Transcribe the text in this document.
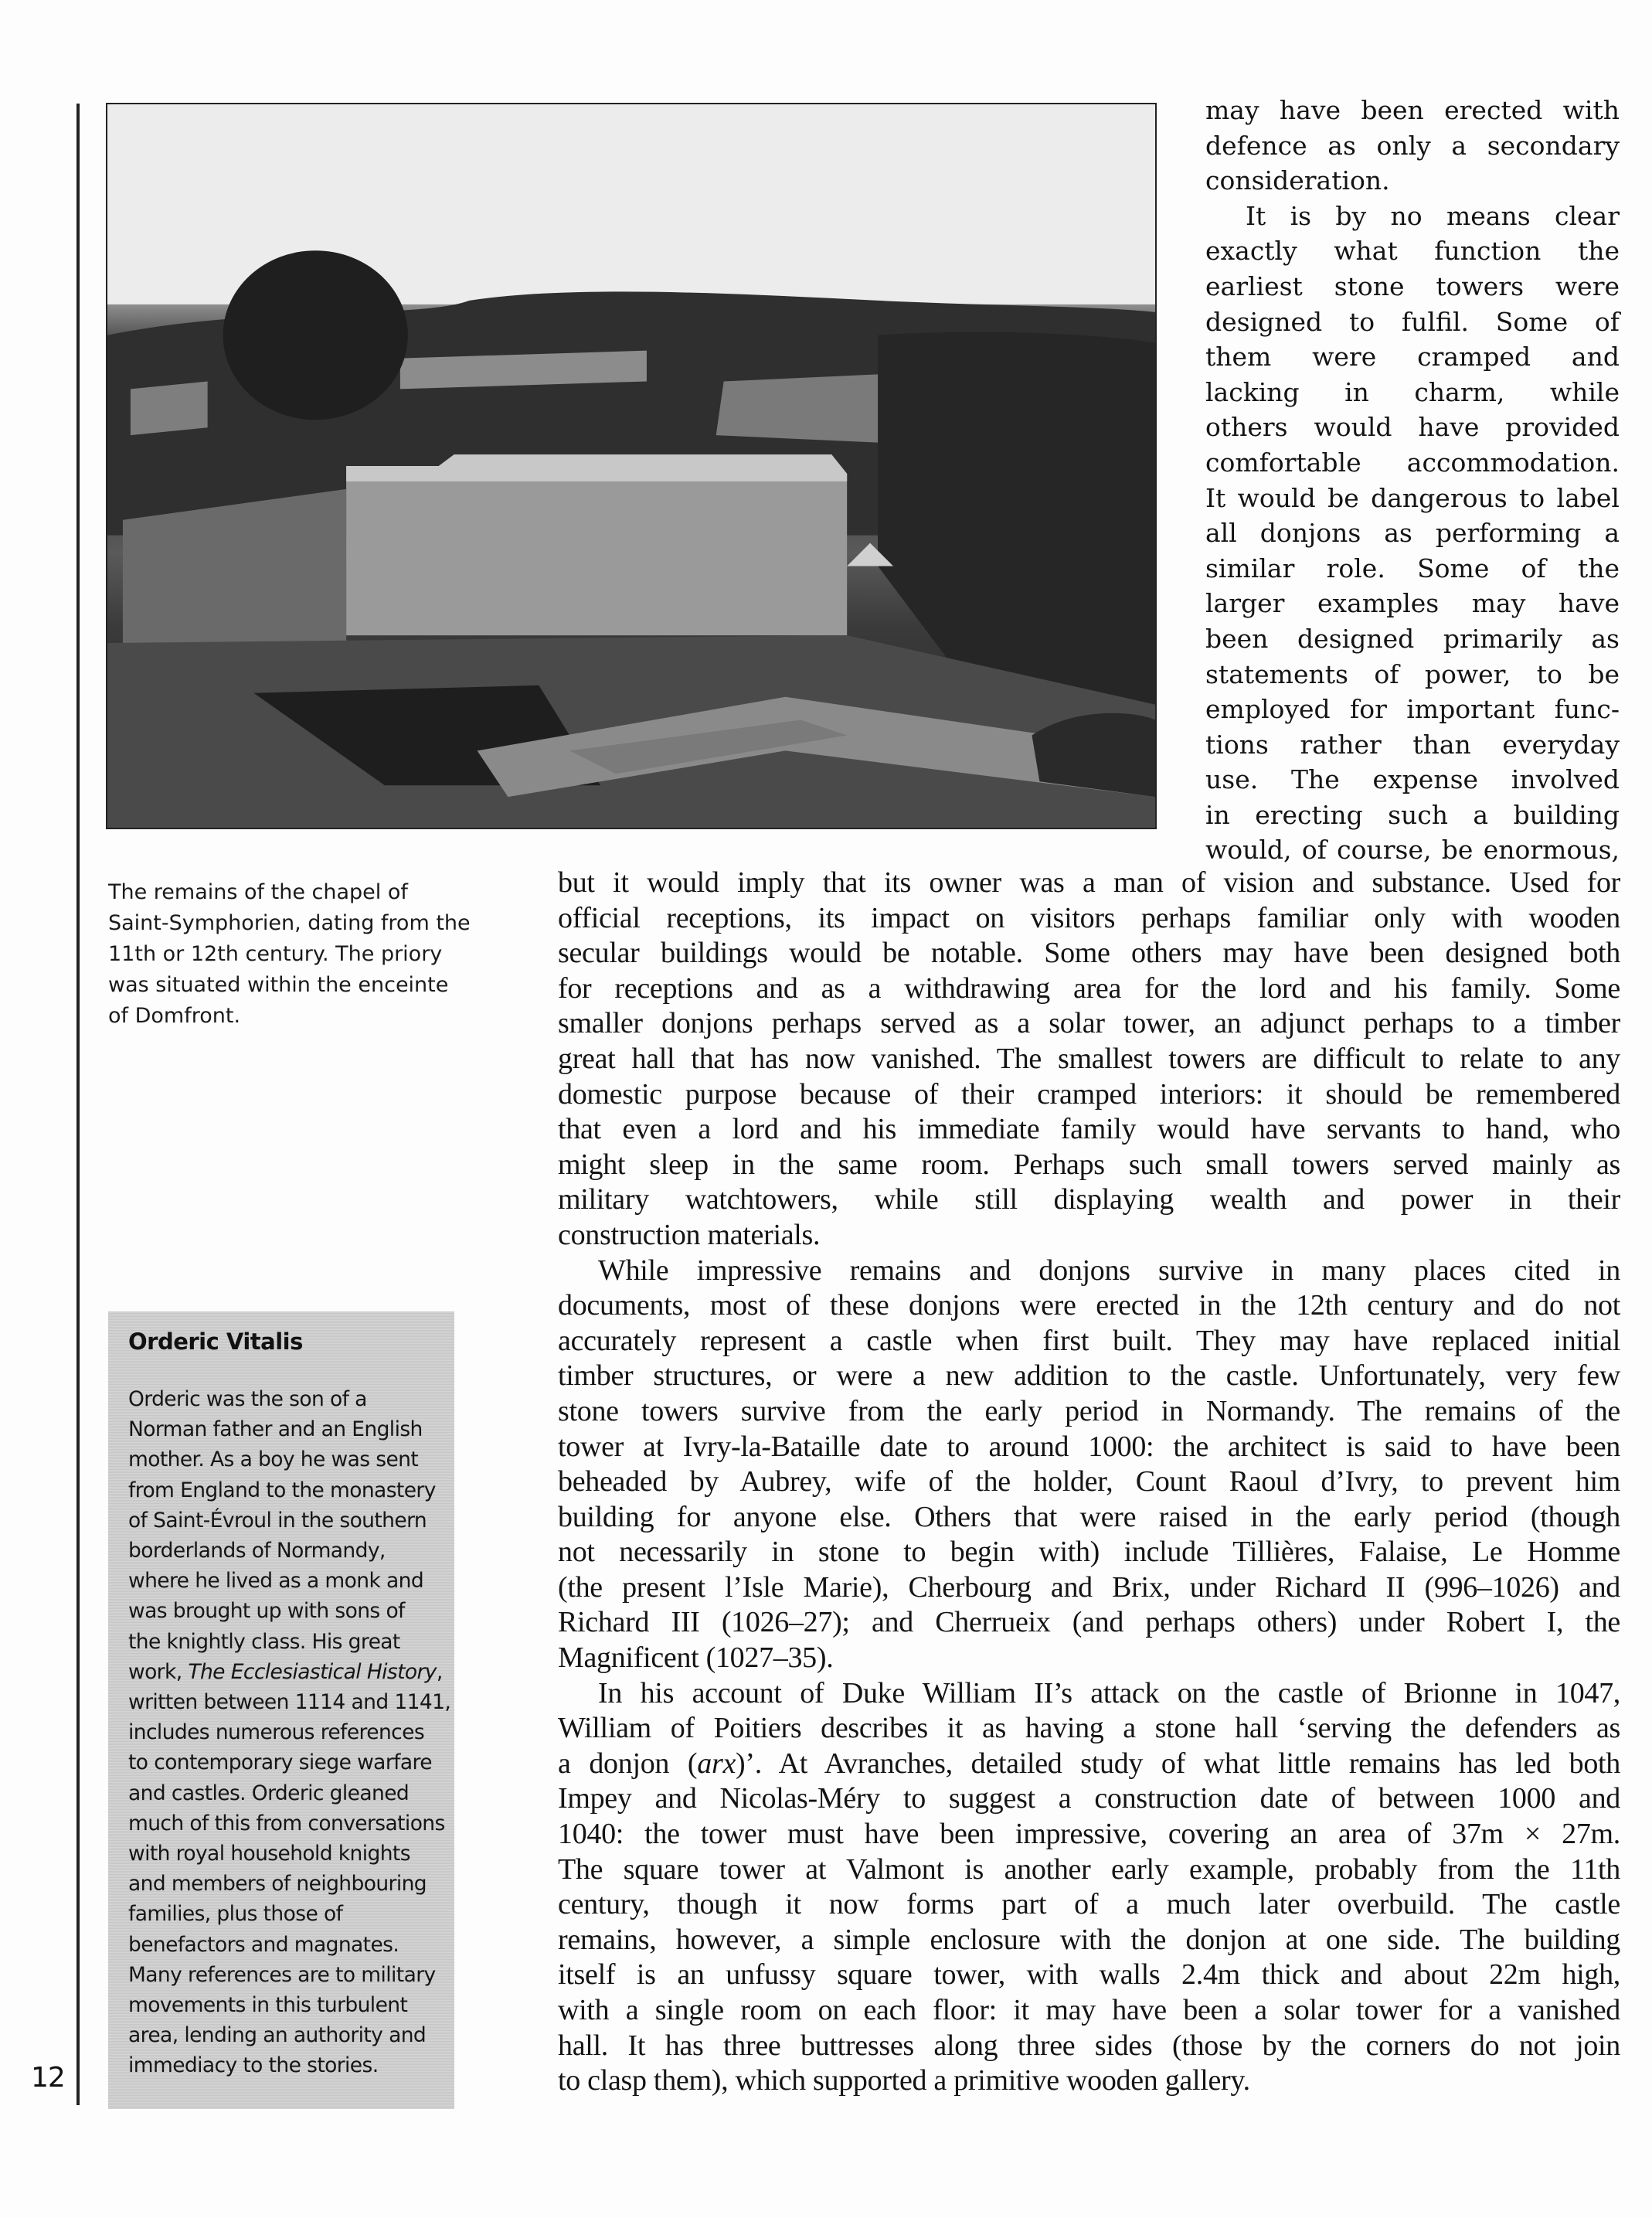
12
The remains of the chapel of
Saint-Symphorien, dating from the
11th or 12th century. The priory
was situated within the enceinte
of Domfront.
Orderic Vitalis
Orderic was the son of a
Norman father and an English
mother. As a boy he was sent
from England to the monastery
of Saint-Évroul in the southern
borderlands of Normandy,
where he lived as a monk and
was brought up with sons of
the knightly class. His great
work, The Ecclesiastical History,
written between 1114 and 1141,
includes numerous references
to contemporary siege warfare
and castles. Orderic gleaned
much of this from conversations
with royal household knights
and members of neighbouring
families, plus those of
benefactors and magnates.
Many references are to military
movements in this turbulent
area, lending an authority and
immediacy to the stories.
may have been erected with
defence as only a secondary
consideration.
It is by no means clear
exactly what function the
earliest stone towers were
designed to fulfil. Some of
them were cramped and
lacking in charm, while
others would have provided
comfortable accommodation.
It would be dangerous to label
all donjons as performing a
similar role. Some of the
larger examples may have
been designed primarily as
statements of power, to be
employed for important func-
tions rather than everyday
use. The expense involved
in erecting such a building
would, of course, be enormous,
but it would imply that its owner was a man of vision and substance. Used for
official receptions, its impact on visitors perhaps familiar only with wooden
secular buildings would be notable. Some others may have been designed both
for receptions and as a withdrawing area for the lord and his family. Some
smaller donjons perhaps served as a solar tower, an adjunct perhaps to a timber
great hall that has now vanished. The smallest towers are difficult to relate to any
domestic purpose because of their cramped interiors: it should be remembered
that even a lord and his immediate family would have servants to hand, who
might sleep in the same room. Perhaps such small towers served mainly as
military watchtowers, while still displaying wealth and power in their
construction materials.
While impressive remains and donjons survive in many places cited in
documents, most of these donjons were erected in the 12th century and do not
accurately represent a castle when first built. They may have replaced initial
timber structures, or were a new addition to the castle. Unfortunately, very few
stone towers survive from the early period in Normandy. The remains of the
tower at Ivry-la-Bataille date to around 1000: the architect is said to have been
beheaded by Aubrey, wife of the holder, Count Raoul d’Ivry, to prevent him
building for anyone else. Others that were raised in the early period (though
not necessarily in stone to begin with) include Tillières, Falaise, Le Homme
(the present l’Isle Marie), Cherbourg and Brix, under Richard II (996–1026) and
Richard III (1026–27); and Cherrueix (and perhaps others) under Robert I, the
Magnificent (1027–35).
In his account of Duke William II’s attack on the castle of Brionne in 1047,
William of Poitiers describes it as having a stone hall ‘serving the defenders as
a donjon (arx)’. At Avranches, detailed study of what little remains has led both
Impey and Nicolas-Méry to suggest a construction date of between 1000 and
1040: the tower must have been impressive, covering an area of 37m × 27m.
The square tower at Valmont is another early example, probably from the 11th
century, though it now forms part of a much later overbuild. The castle
remains, however, a simple enclosure with the donjon at one side. The building
itself is an unfussy square tower, with walls 2.4m thick and about 22m high,
with a single room on each floor: it may have been a solar tower for a vanished
hall. It has three buttresses along three sides (those by the corners do not join
to clasp them), which supported a primitive wooden gallery.
